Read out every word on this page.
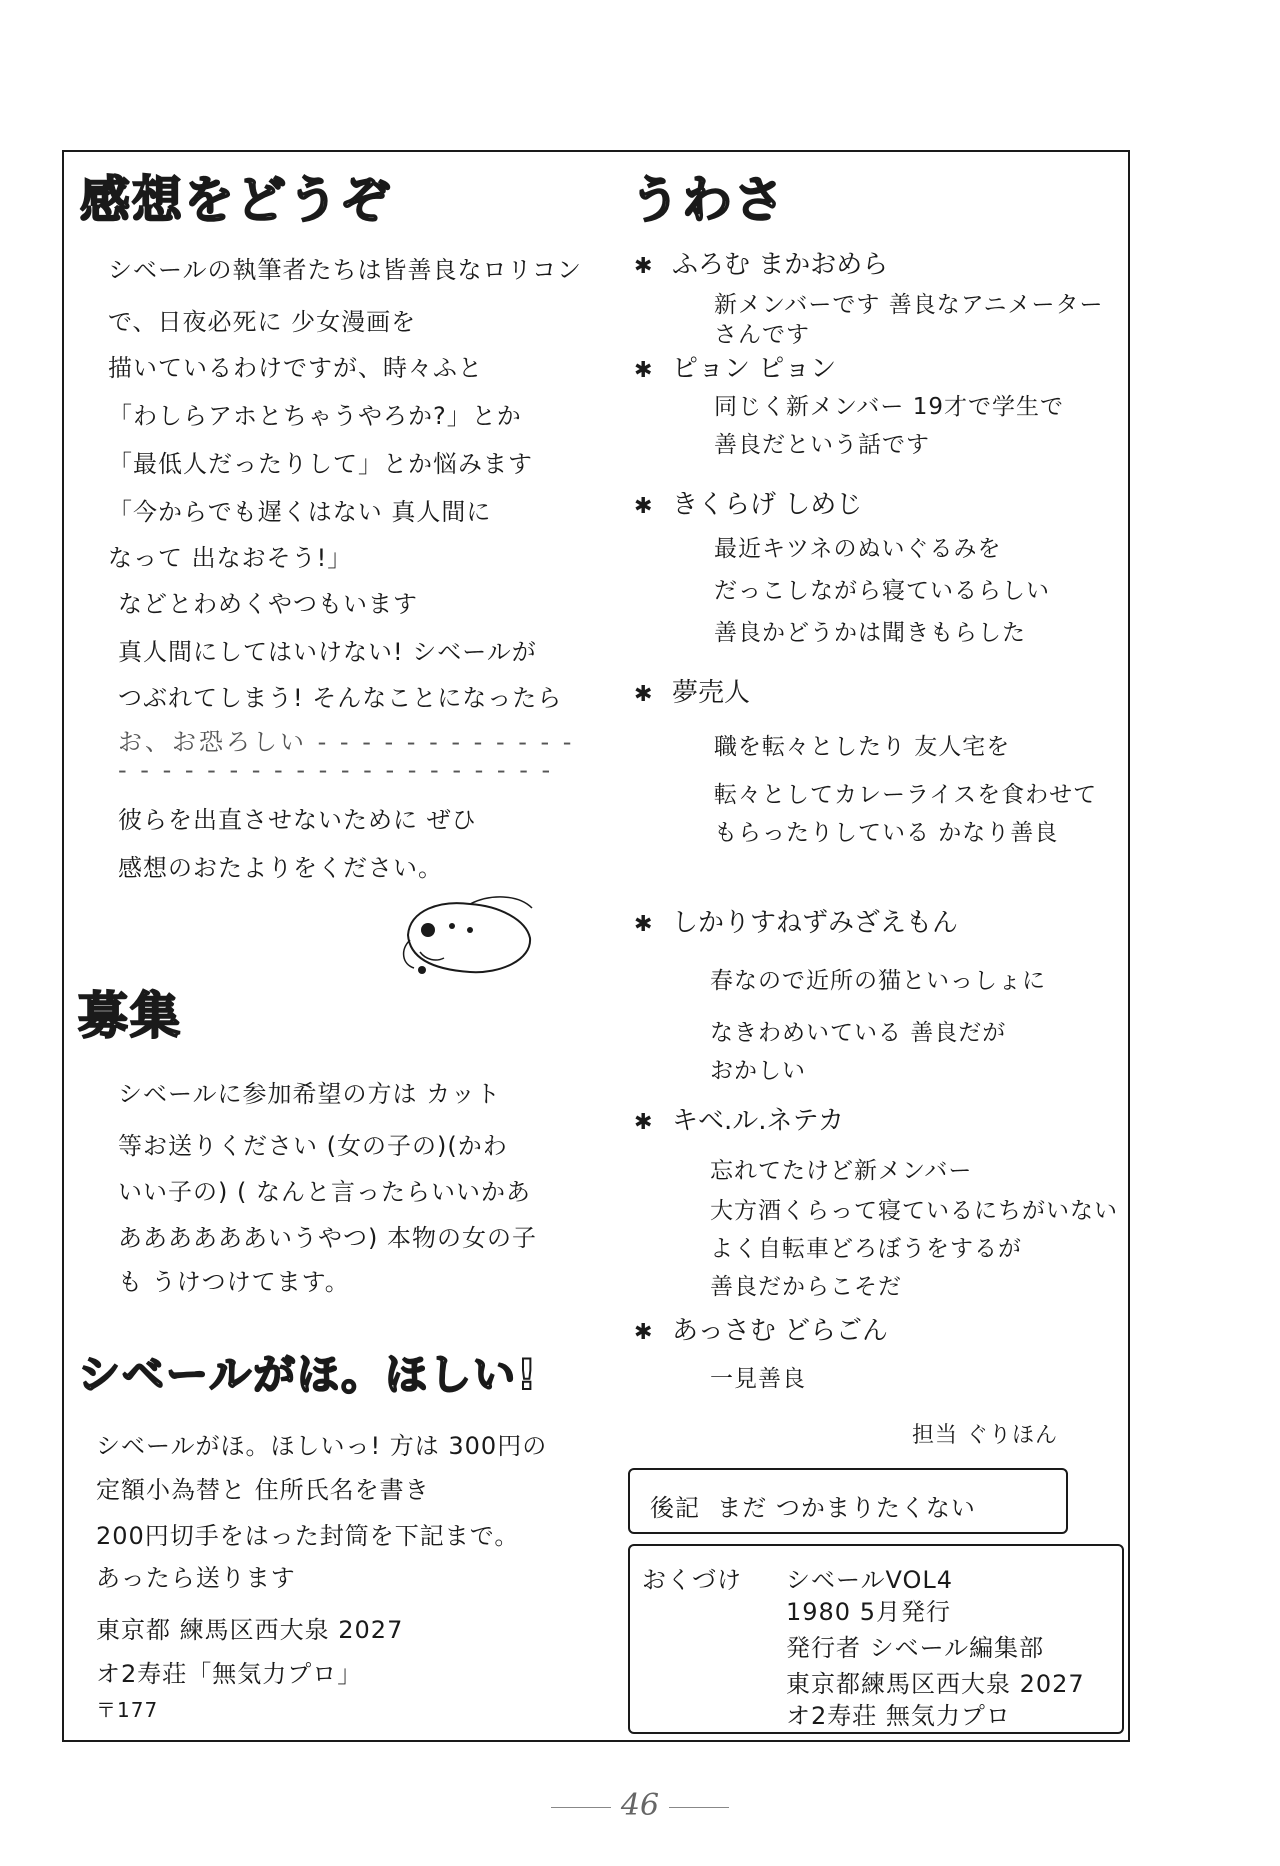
感想をどうぞ
シベールの執筆者たちは皆善良なロリコン
で、日夜必死に 少女漫画を
描いているわけですが、時々ふと
「わしらアホとちゃうやろか?」とか
「最低人だったりして」とか悩みます
「今からでも遅くはない 真人間に
なって 出なおそう!」
などとわめくやつもいます
真人間にしてはいけない! シベールが
つぶれてしまう! そんなことになったら
お、お恐ろしい - - - - - - - - - - - -
- - - - - - - - - - - - - - - - - - - -
彼らを出直させないために ぜひ
感想のおたよりをください。
募集
シベールに参加希望の方は カット
等お送りください (女の子の)(かわ
いい子の) ( なんと言ったらいいかあ
ああああああいうやつ) 本物の女の子
も うけつけてます。
シベールがほ。ほしい!
シベールがほ。ほしいっ! 方は 300円の
定額小為替と 住所氏名を書き
200円切手をはった封筒を下記まで。
あったら送ります
東京都 練馬区西大泉 2027
オ2寿荘「無気力プロ」
〒177
うわさ
✱ ふろむ まかおめら
新メンバーです 善良なアニメーター
さんです
✱ ピョン ピョン
同じく新メンバー 19才で学生で
善良だという話です
✱ きくらげ しめじ
最近キツネのぬいぐるみを
だっこしながら寝ているらしい
善良かどうかは聞きもらした
✱ 夢売人
職を転々としたり 友人宅を
転々としてカレーライスを食わせて
もらったりしている かなり善良
✱ しかりすねずみざえもん
春なので近所の猫といっしょに
なきわめいている 善良だが
おかしい
✱ キベ.ル.ネテカ
忘れてたけど新メンバー
大方酒くらって寝ているにちがいない
よく自転車どろぼうをするが
善良だからこそだ
✱ あっさむ どらごん
一見善良
担当 ぐりほん
後記  まだ つかまりたくない
おくづけ シベールVOL4
1980 5月発行
発行者 シベール編集部
東京都練馬区西大泉 2027
オ2寿荘 無気力プロ
46
